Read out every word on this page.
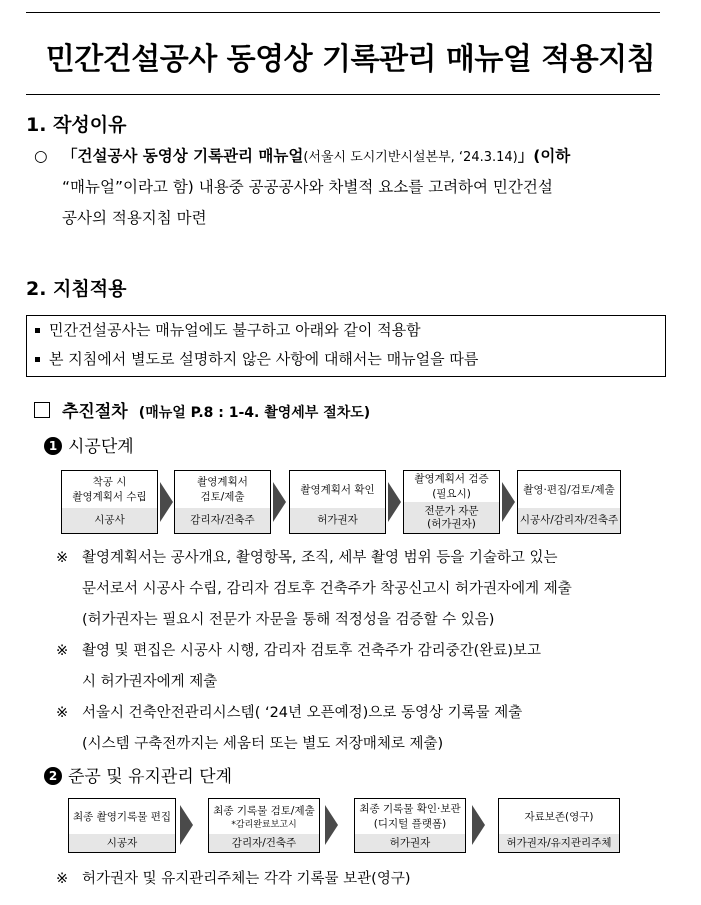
민간건설공사 동영상 기록관리 매뉴얼 적용지침
1. 작성이유
○ 「건설공사 동영상 기록관리 매뉴얼(서울시 도시기반시설본부, ‘24.3.14)」(이하
“매뉴얼”이라고 함) 내용중 공공공사와 차별적 요소를 고려하여 민간건설
공사의 적용지침 마련
2. 지침적용
민간건설공사는 매뉴얼에도 불구하고 아래와 같이 적용함
본 지침에서 별도로 설명하지 않은 사항에 대해서는 매뉴얼을 따름
추진절차 (매뉴얼 P.8 : 1-4. 촬영세부 절차도)
1 시공단계
착공 시
촬영계획서 수립
시공사
촬영계획서
검토/제출
감리자/건축주
촬영계획서 확인
허가권자
촬영계획서 검증
(필요시)
전문가 자문
(허가권자)
촬영·편집/검토/제출
시공사/감리자/건축주
※ 촬영계획서는 공사개요, 촬영항목, 조직, 세부 촬영 범위 등을 기술하고 있는
문서로서 시공사 수립, 감리자 검토후 건축주가 착공신고시 허가권자에게 제출
(허가권자는 필요시 전문가 자문을 통해 적정성을 검증할 수 있음)
※ 촬영 및 편집은 시공사 시행, 감리자 검토후 건축주가 감리중간(완료)보고
시 허가권자에게 제출
※ 서울시 건축안전관리시스템( ‘24년 오픈예정)으로 동영상 기록물 제출
(시스템 구축전까지는 세움터 또는 별도 저장매체로 제출)
2 준공 및 유지관리 단계
최종 촬영기록물 편집
시공자
최종 기록물 검토/제출
*감리완료보고시
감리자/건축주
최종 기록물 확인·보관
(디지털 플랫폼)
허가권자
자료보존(영구)
허가권자/유지관리주체
※ 허가권자 및 유지관리주체는 각각 기록물 보관(영구)
